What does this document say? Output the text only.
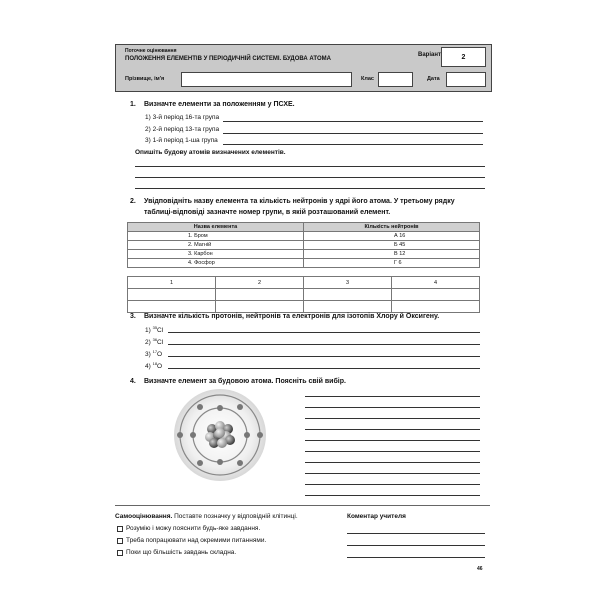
Поточне оцінювання
ПОЛОЖЕННЯ ЕЛЕМЕНТІВ У ПЕРІОДИЧНІЙ СИСТЕМІ. БУДОВА АТОМА
Варіант	2
Прізвище, ім'я	Клас	Дата
1. Визначте елементи за положенням у ПСХЕ.
1) 3-й період 16-та група
2) 2-й період 13-та група
3) 1-й період 1-ша група
Опишіть будову атомів визначених елементів.
2. Увідповідніть назву елемента та кількість нейтронів у ядрі його атома. У третьому рядку
таблиці-відповіді зазначте номер групи, в якій розташований елемент.
Назва елемента	Кількість нейтронів
1. Бром	А 16
2. Магній	Б 45
3. Карбон	В 12
4. Фосфор	Г 6
1	2	3	4

3. Визначте кількість протонів, нейтронів та електронів для ізотопів Хлору й Оксигену.
1) $^{35}$Cl
2) $^{36}$Cl
3) $^{17}$O
4) $^{18}$O
4. Визначте елемент за будовою атома. Поясніть свій вибір.
Самооцінювання. Поставте позначку у відповідній клітинці.
Розумію і можу пояснити будь-яке завдання.
Треба попрацювати над окремими питаннями.
Поки що більшість завдань складна.
Коментар учителя
46
